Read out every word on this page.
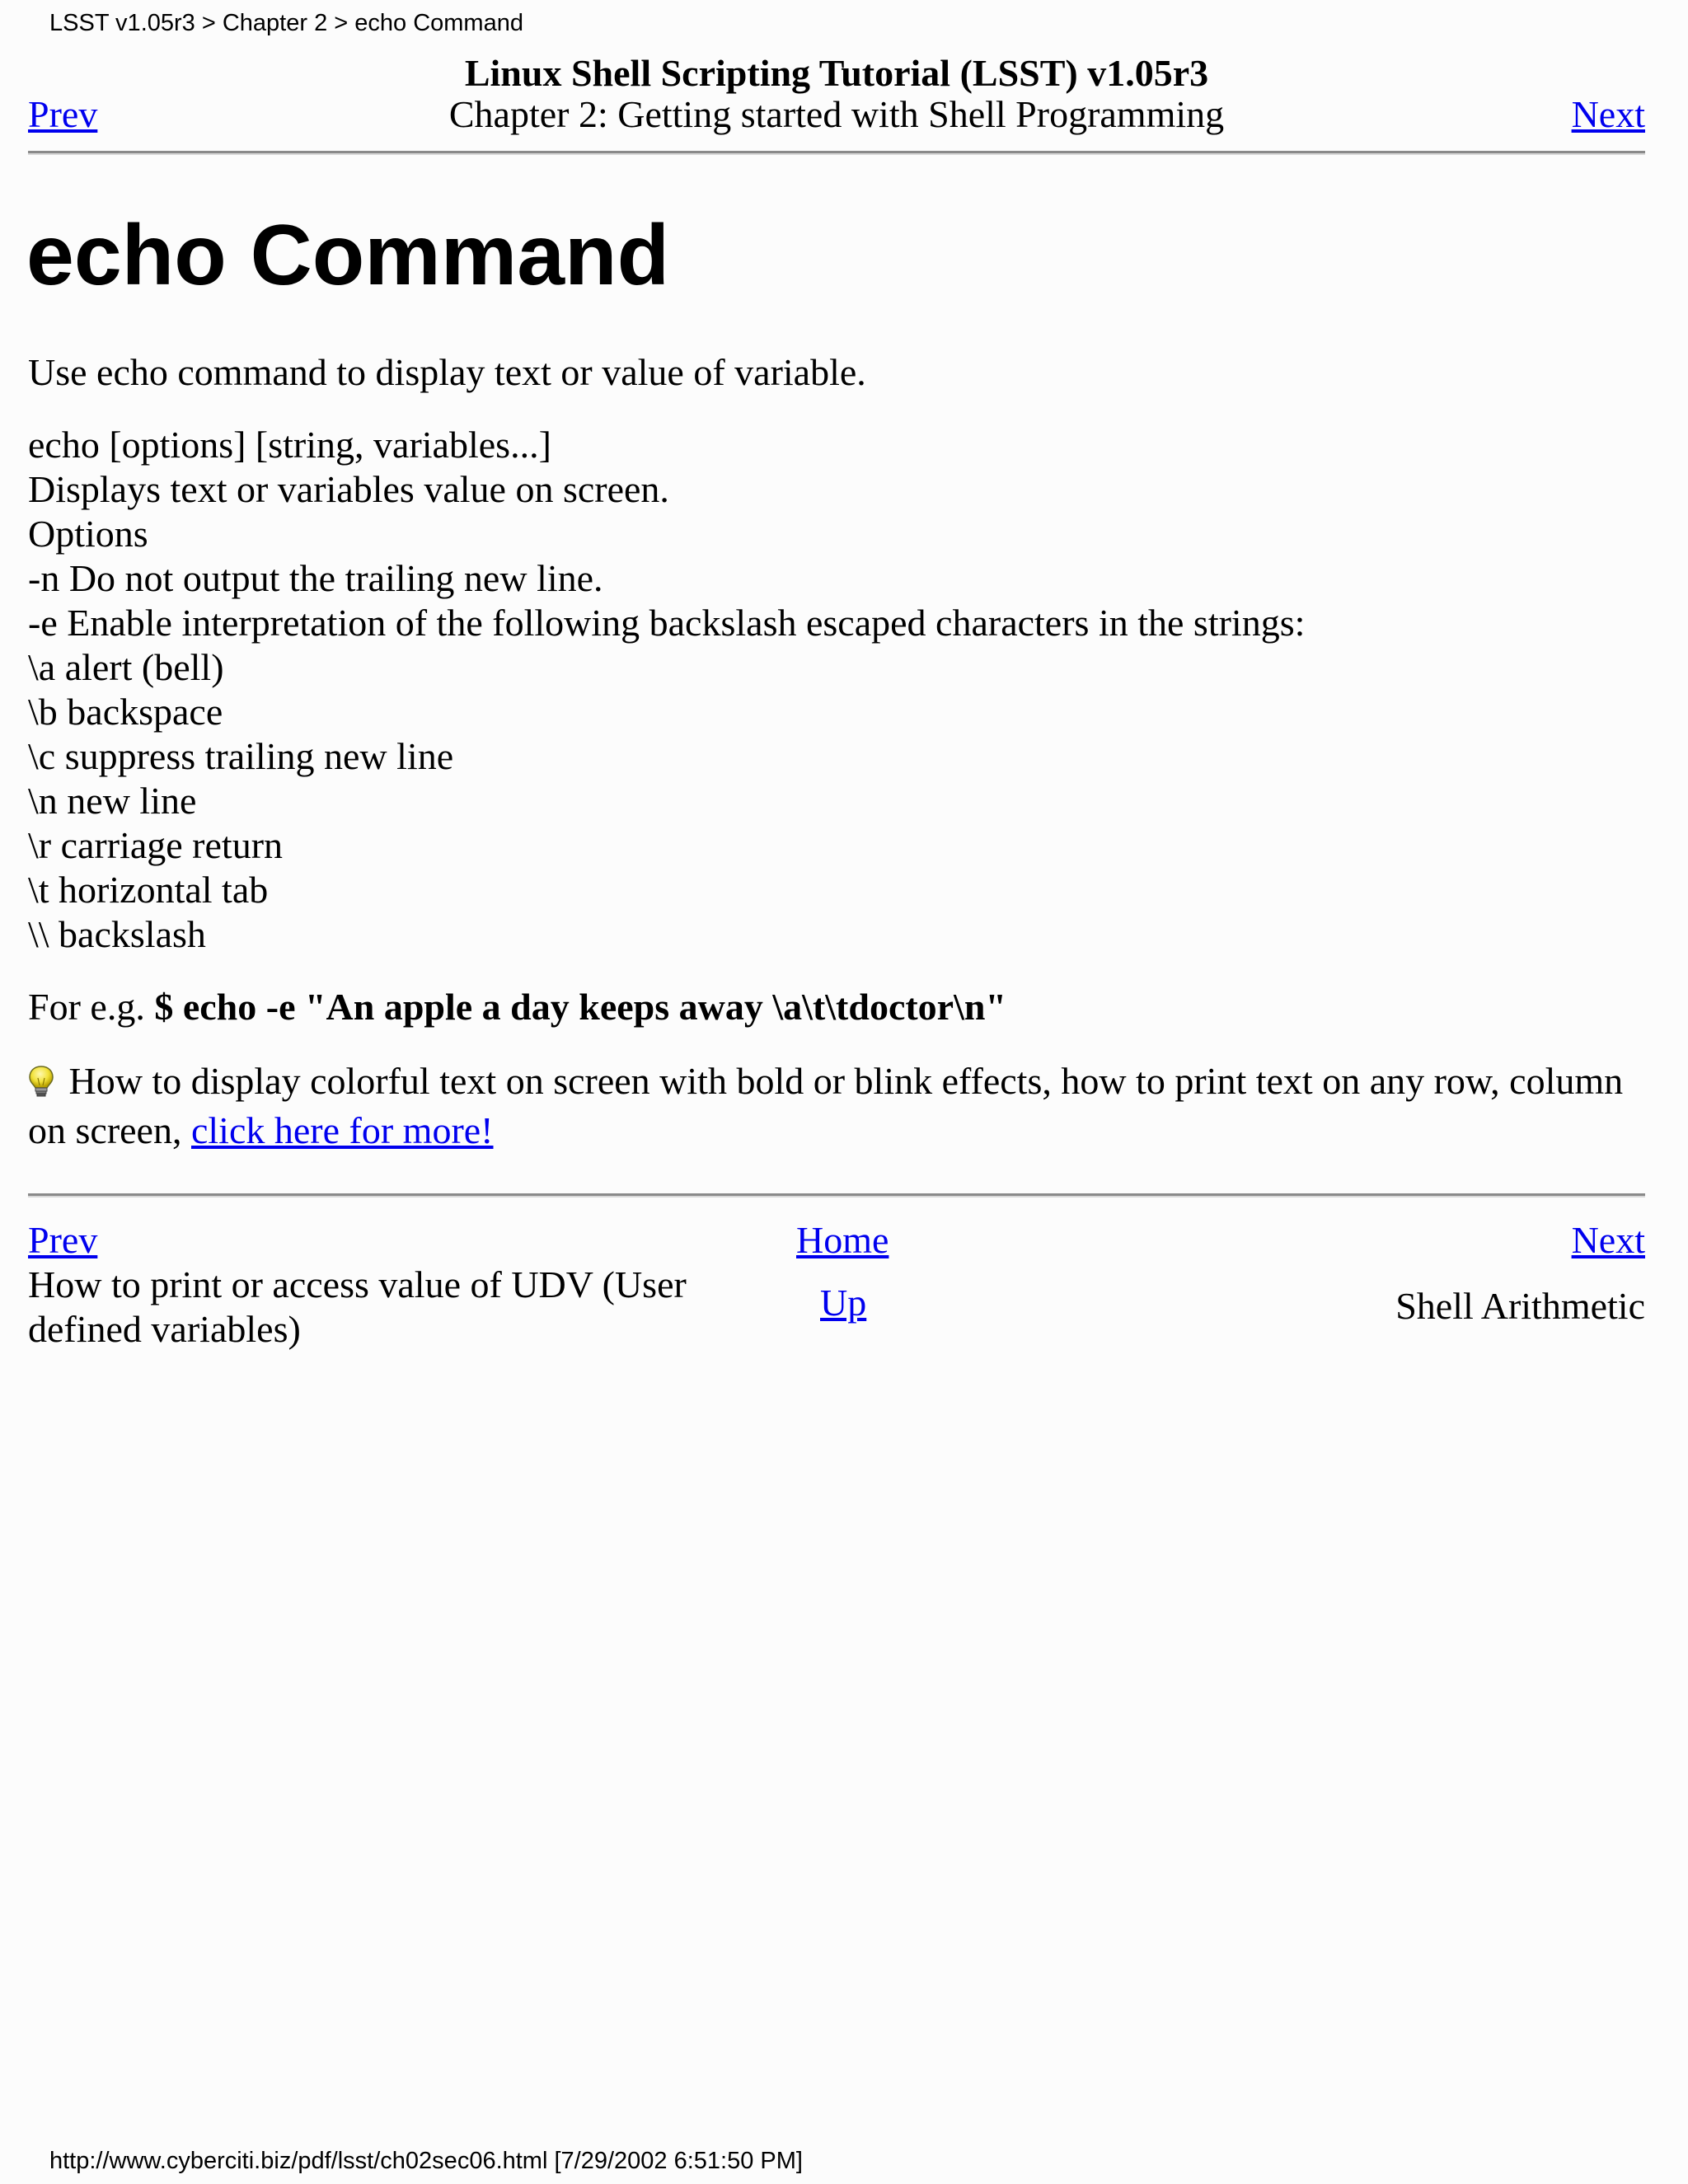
LSST v1.05r3 > Chapter 2 > echo Command
Linux Shell Scripting Tutorial (LSST) v1.05r3
Chapter 2: Getting started with Shell Programming
Prev	Next
echo Command

Use echo command to display text or value of variable.

echo [options] [string, variables...]
Displays text or variables value on screen.
Options
-n Do not output the trailing new line.
-e Enable interpretation of the following backslash escaped characters in the strings:
\a alert (bell)
\b backspace
\c suppress trailing new line
\n new line
\r carriage return
\t horizontal tab
\\ backslash

For e.g. $ echo -e "An apple a day keeps away \a\t\tdoctor\n"

How to display colorful text on screen with bold or blink effects, how to print text on any row, column on screen, click here for more!

Prev
How to print or access value of UDV (User defined variables)
Home
Up
Next
Shell Arithmetic
http://www.cyberciti.biz/pdf/lsst/ch02sec06.html [7/29/2002 6:51:50 PM]
